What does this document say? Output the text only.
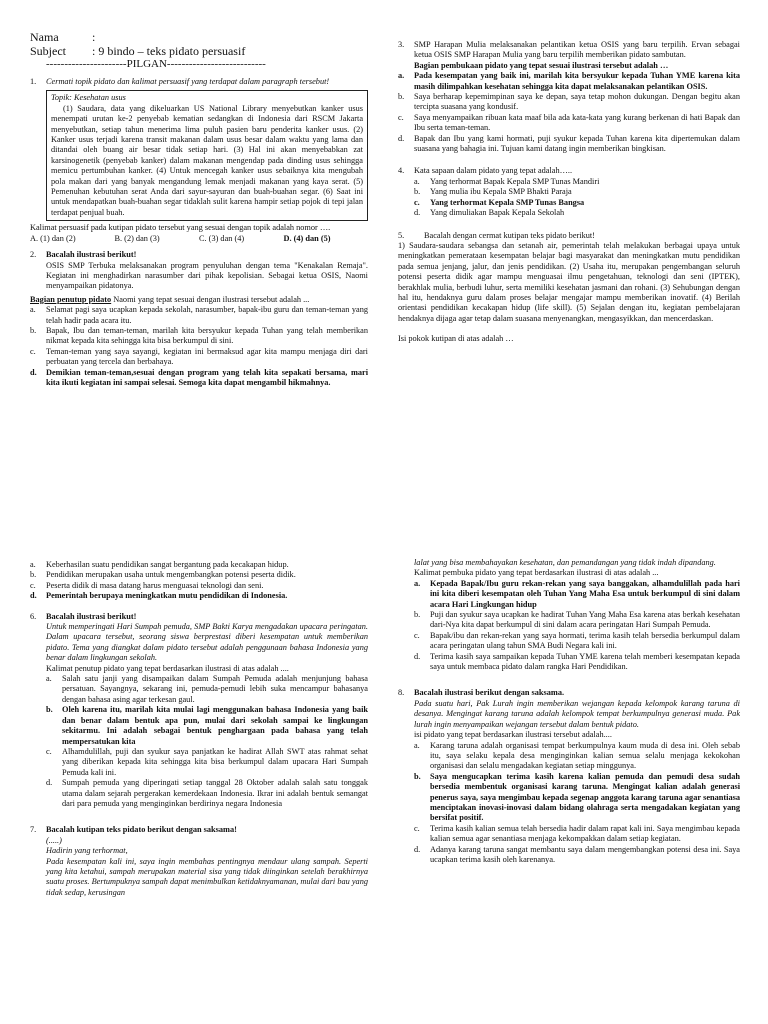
Nama	:
Subject : 9 bindo – teks pidato persuasif
----------------------PILGAN---------------------------
1.	Cermati topik pidato dan kalimat persuasif yang terdapat dalam paragraph tersebut!
Topik: Kesehatan usus
(1) Saudara, data yang dikeluarkan US National Library menyebutkan kanker usus menempati urutan ke-2 penyebab kematian sedangkan di Indonesia dari RSCM Jakarta menyebutkan, setiap tahun menerima lima puluh pasien baru penderita kanker usus. (2) Kanker usus terjadi karena transit makanan dalam usus besar dalam waktu yang lama dan ditandai oleh buang air besar tidak setiap hari. (3) Hal ini akan menyebabkan zat karsinogenetik (penyebab kanker) dalam makanan mengendap pada dinding usus sehingga memicu pertumbuhan kanker. (4) Untuk mencegah kanker usus sebaiknya kita mengubah pola makan dari yang banyak mengandung lemak menjadi makanan yang kaya serat. (5) Pemenuhan kebutuhan serat Anda dari sayur-sayuran dan buah-buahan segar. (6) Saat ini untuk mendapatkan buah-buahan segar tidaklah sulit karena hampir setiap pojok di tepi jalan terdapat penjual buah.
Kalimat persuasif pada kutipan pidato tersebut yang sesuai dengan topik adalah nomor ….
A. (1) dan (2)	B. (2) dan (3)	C. (3) dan (4)	D. (4) dan (5)
2.	Bacalah ilustrasi berikut!
OSIS SMP Terbuka melaksanakan program penyuluhan dengan tema "Kenakalan Remaja". Kegiatan ini menghadirkan narasumber dari pihak kepolisian. Sebagai ketua OSIS, Naomi menyampaikan pidatonya.
Bagian penutup pidato Naomi yang tepat sesuai dengan ilustrasi tersebut adalah ...
a.	Selamat pagi saya ucapkan kepada sekolah, narasumber, bapak-ibu guru dan teman-teman yang telah hadir pada acara itu.
b.	Bapak, Ibu dan teman-teman, marilah kita bersyukur kepada Tuhan yang telah memberikan nikmat kepada kita sehingga kita bisa berkumpul di sini.
c.	Teman-teman yang saya sayangi, kegiatan ini bermaksud agar kita mampu menjaga diri dari perbuatan yang tercela dan berbahaya.
d.	Demikian teman-teman,sesuai dengan program yang telah kita sepakati bersama, mari kita ikuti kegiatan ini sampai selesai. Semoga kita dapat mengambil hikmahnya.
3.	SMP Harapan Mulia melaksanakan pelantikan ketua OSIS yang baru terpilih. Ervan sebagai ketua OSIS SMP Harapan Mulia yang baru terpilih memberikan pidato sambutan.
Bagian pembukaan pidato yang tepat sesuai ilustrasi tersebut adalah …
a.	Pada kesempatan yang baik ini, marilah kita bersyukur kepada Tuhan YME karena kita masih dilimpahkan kesehatan sehingga kita dapat melaksanakan pelantikan OSIS.
b.	Saya berharap kepemimpinan saya ke depan, saya tetap mohon dukungan. Dengan begitu akan tercipta suasana yang kondusif.
c.	Saya menyampaikan ribuan kata maaf bila ada kata-kata yang kurang berkenan di hati Bapak dan Ibu serta teman-teman.
d.	Bapak dan Ibu yang kami hormati, puji syukur kepada Tuhan karena kita dipertemukan dalam suasana yang bahagia ini. Tujuan kami datang ingin memberikan bingkisan.
4.	Kata sapaan dalam pidato yang tepat adalah…..
a.	Yang terhormat Bapak Kepala SMP Tunas Mandiri
b.	Yang mulia ibu Kepala SMP Bhakti Paraja
c.	Yang terhormat Kepala SMP Tunas Bangsa
d.	Yang dimuliakan Bapak Kepala Sekolah
5.	Bacalah dengan cermat kutipan teks pidato berikut!
1) Saudara-saudara sebangsa dan setanah air, pemerintah telah melakukan berbagai upaya untuk meningkatkan pemerataan kesempatan belajar bagi masyarakat dan meningkatkan mutu pendidikan pada semua jenjang, jalur, dan jenis pendidikan. (2) Usaha itu, merupakan pengembangan seluruh potensi peserta didik agar mampu menguasai ilmu pengetahuan, teknologi dan seni (IPTEK), berakhlak mulia, berbudi luhur, serta memiliki kesehatan jasmani dan rohani. (3) Sehubungan dengan hal itu, hendaknya guru dalam proses belajar mengajar mampu memberikan inovatif. (4) Berilah orientasi pendidikan kecakapan hidup (life skill). (5) Sejalan dengan itu, kegiatan pembelajaran hendaknya dijaga agar tetap dalam suasana menyenangkan, mengasyikkan, dan mencerdaskan.
Isi pokok kutipan di atas adalah …
a.	Keberhasilan suatu pendidikan sangat bergantung pada kecakapan hidup.
b.	Pendidikan merupakan usaha untuk mengembangkan potensi peserta didik.
c.	Peserta didik di masa datang harus menguasai teknologi dan seni.
d.	Pemerintah berupaya meningkatkan mutu pendidikan di Indonesia.
6.	Bacalah ilustrasi berikut!
Untuk memperingati Hari Sumpah pemuda, SMP Bakti Karya mengadakan upacara peringatan. Dalam upacara tersebut, seorang siswa berprestasi diberi kesempatan untuk memberikan pidato. Tema yang diangkat dalam pidato tersebut adalah penggunaan bahasa Indonesia yang benar dalam lingkungan sekolah.
Kalimat penutup pidato yang tepat berdasarkan ilustrasi di atas adalah ....
a.	Salah satu janji yang disampaikan dalam Sumpah Pemuda adalah menjunjung bahasa persatuan. Sayangnya, sekarang ini, pemuda-pemudi lebih suka mencampur bahasanya dengan bahasa asing agar terkesan gaul.
b.	Oleh karena itu, marilah kita mulai lagi menggunakan bahasa Indonesia yang baik dan benar dalam bentuk apa pun, mulai dari sekolah sampai ke lingkungan sekitarmu. Ini adalah sebagai bentuk penghargaan pada bahasa yang telah mempersatukan kita
c.	Alhamdulillah, puji dan syukur saya panjatkan ke hadirat Allah SWT atas rahmat sehat yang diberikan kepada kita sehingga kita bisa berkumpul dalam upacara Hari Sumpah Pemuda kali ini.
d.	Sumpah pemuda yang diperingati setiap tanggal 28 Oktober adalah salah satu tonggak utama dalam sejarah pergerakan kemerdekaan Indonesia. Ikrar ini adalah bentuk semangat dari para pemuda yang menginginkan berdirinya negara Indonesia
7.	Bacalah kutipan teks pidato berikut dengan saksama!
(.....)
Hadirin yang terhormat,
Pada kesempatan kali ini, saya ingin membahas pentingnya mendaur ulang sampah. Seperti yang kita ketahui, sampah merupakan material sisa yang tidak diinginkan setelah berakhirnya suatu proses. Bertumpuknya sampah dapat menimbulkan ketidaknyamanan, mulai dari bau yang tidak sedap, kerusingan
lalat yang bisa membahayakan kesehatan, dan pemandangan yang tidak indah dipandang.
Kalimat pembuka pidato yang tepat berdasarkan ilustrasi di atas adalah ...
a.	Kepada Bapak/Ibu guru rekan-rekan yang saya banggakan, alhamdulillah pada hari ini kita diberi kesempatan oleh Tuhan Yang Maha Esa untuk berkumpul di sini dalam acara Hari Lingkungan hidup
b.	Puji dan syukur saya ucapkan ke hadirat Tuhan Yang Maha Esa karena atas berkah kesehatan dari-Nya kita dapat berkumpul di sini dalam acara peringatan Hari Sumpah Pemuda.
c.	Bapak/ibu dan rekan-rekan yang saya hormati, terima kasih telah bersedia berkumpul dalam acara peringatan ulang tahun SMA Budi Negara kali ini.
d.	Terima kasih saya sampaikan kepada Tuhan YME karena telah memberi kesempatan kepada saya untuk membaca pidato dalam rangka Hari Pendidikan.
8.	Bacalah ilustrasi berikut dengan saksama.
Pada suatu hari, Pak Lurah ingin memberikan wejangan kepada kelompok karang taruna di desanya. Mengingat karang taruna adalah kelompok tempat berkumpulnya generasi muda. Pak lurah ingin menyampaikan wejangan tersebut dalam bentuk pidato.
isi pidato yang tepat berdasarkan ilustrasi tersebut adalah....
a.	Karang taruna adalah organisasi tempat berkumpulnya kaum muda di desa ini. Oleh sebab itu, saya selaku kepala desa menginginkan kalian semua selalu menjaga kekokohan organisasi dan selalu mengadakan kegiatan setiap minggunya.
b.	Saya mengucapkan terima kasih karena kalian pemuda dan pemudi desa sudah bersedia membentuk organisasi karang taruna. Mengingat kalian adalah generasi penerus saya, saya mengimbau kepada segenap anggota karang taruna agar senantiasa menciptakan inovasi-inovasi dalam bidang olahraga serta mengadakan kegiatan yang bersifat positif.
c.	Terima kasih kalian semua telah bersedia hadir dalam rapat kali ini. Saya mengimbau kepada kalian semua agar senantiasa menjaga kekompakkan dalam setiap kegiatan.
d.	Adanya karang taruna sangat membantu saya dalam mengembangkan potensi desa ini. Saya ucapkan terima kasih oleh karenanya.
